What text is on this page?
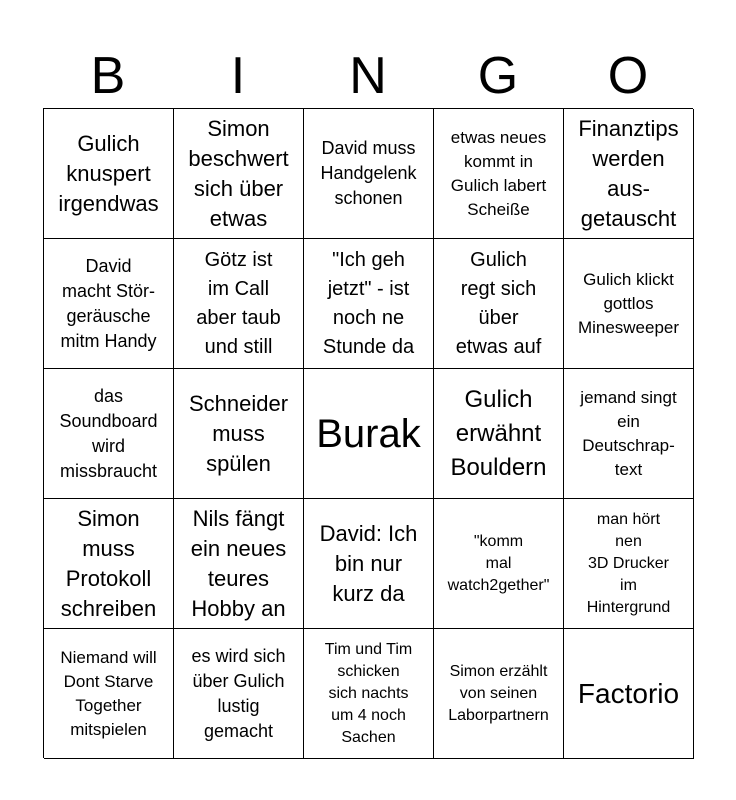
B	I	N	G	O
Gulich
knuspert
irgendwas
Simon
beschwert
sich über
etwas
David muss
Handgelenk
schonen
etwas neues
kommt in
Gulich labert
Scheiße
Finanztips
werden
aus-
getauscht
David
macht Stör-
geräusche
mitm Handy
Götz ist
im Call
aber taub
und still
"Ich geh
jetzt" - ist
noch ne
Stunde da
Gulich
regt sich
über
etwas auf
Gulich klickt
gottlos
Minesweeper
das
Soundboard
wird
missbraucht
Schneider
muss
spülen
Burak
Gulich
erwähnt
Bouldern
jemand singt
ein
Deutschrap-
text
Simon
muss
Protokoll
schreiben
Nils fängt
ein neues
teures
Hobby an
David: Ich
bin nur
kurz da
"komm
mal
watch2gether"
man hört
nen
3D Drucker
im
Hintergrund
Niemand will
Dont Starve
Together
mitspielen
es wird sich
über Gulich
lustig
gemacht
Tim und Tim
schicken
sich nachts
um 4 noch
Sachen
Simon erzählt
von seinen
Laborpartnern
Factorio
